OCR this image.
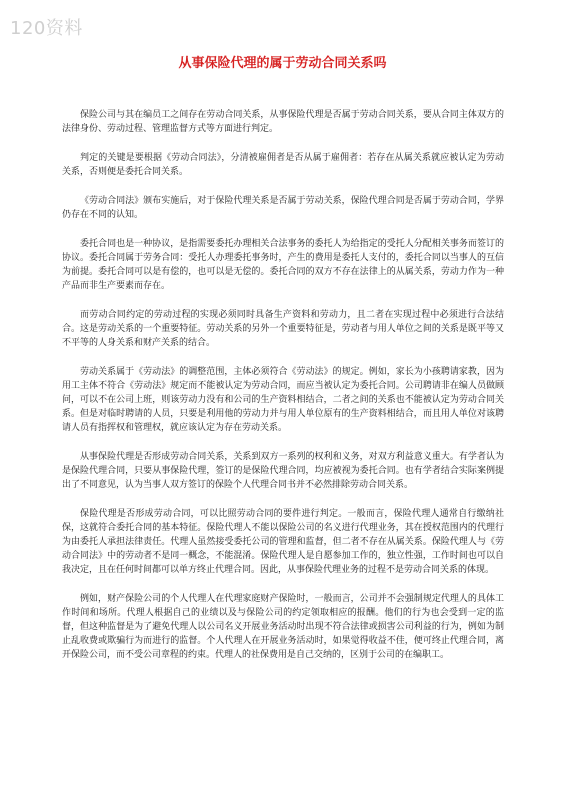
120资料
从事保险代理的属于劳动合同关系吗

保险公司与其在编员工之间存在劳动合同关系，从事保险代理是否属于劳动合同关系，要从合同主体双方的法律身份、劳动过程、管理监督方式等方面进行判定。

判定的关键是要根据《劳动合同法》，分清被雇佣者是否从属于雇佣者：若存在从属关系就应被认定为劳动关系，否则便是委托合同关系。

《劳动合同法》颁布实施后，对于保险代理关系是否属于劳动关系，保险代理合同是否属于劳动合同，学界仍存在不同的认知。

委托合同也是一种协议，是指需要委托办理相关合法事务的委托人为给指定的受托人分配相关事务而签订的协议。委托合同属于劳务合同：受托人办理委托事务时，产生的费用是委托人支付的，委托合同以当事人的互信为前提。委托合同可以是有偿的，也可以是无偿的。委托合同的双方不存在法律上的从属关系，劳动力作为一种产品而非生产要素而存在。

而劳动合同约定的劳动过程的实现必须同时具备生产资料和劳动力，且二者在实现过程中必须进行合法结合。这是劳动关系的一个重要特征。劳动关系的另外一个重要特征是，劳动者与用人单位之间的关系是既平等又不平等的人身关系和财产关系的结合。

劳动关系属于《劳动法》的调整范围，主体必须符合《劳动法》的规定。例如，家长为小孩聘请家教，因为用工主体不符合《劳动法》规定而不能被认定为劳动合同，而应当被认定为委托合同。公司聘请非在编人员做顾问，可以不在公司上班，则该劳动力没有和公司的生产资料相结合，二者之间的关系也不能被认定为劳动合同关系。但是对临时聘请的人员，只要是利用他的劳动力并与用人单位原有的生产资料相结合，而且用人单位对该聘请人员有指挥权和管理权，就应该认定为存在劳动关系。

从事保险代理是否形成劳动合同关系，关系到双方一系列的权利和义务，对双方利益意义重大。有学者认为是保险代理合同，只要从事保险代理，签订的是保险代理合同，均应被视为委托合同。也有学者结合实际案例提出了不同意见，认为当事人双方签订的保险个人代理合同书并不必然排除劳动合同关系。

保险代理是否形成劳动合同，可以比照劳动合同的要件进行判定。一般而言，保险代理人通常自行缴纳社保，这就符合委托合同的基本特征。保险代理人不能以保险公司的名义进行代理业务，其在授权范围内的代理行为由委托人承担法律责任。代理人虽然接受委托公司的管理和监督，但二者不存在从属关系。保险代理人与《劳动合同法》中的劳动者不是同一概念，不能混淆。保险代理人是自愿参加工作的，独立性强，工作时间也可以自我决定，且在任何时间都可以单方终止代理合同。因此，从事保险代理业务的过程不是劳动合同关系的体现。

例如，财产保险公司的个人代理人在代理家庭财产保险时，一般而言，公司并不会强制规定代理人的具体工作时间和场所。代理人根据自己的业绩以及与保险公司的约定领取相应的报酬。他们的行为也会受到一定的监督，但这种监督是为了避免代理人以公司名义开展业务活动时出现不符合法律或损害公司利益的行为，例如为制止乱收费或欺骗行为而进行的监督。个人代理人在开展业务活动时，如果觉得收益不佳，便可终止代理合同，离开保险公司，而不受公司章程的约束。代理人的社保费用是自己交纳的，区别于公司的在编职工。
